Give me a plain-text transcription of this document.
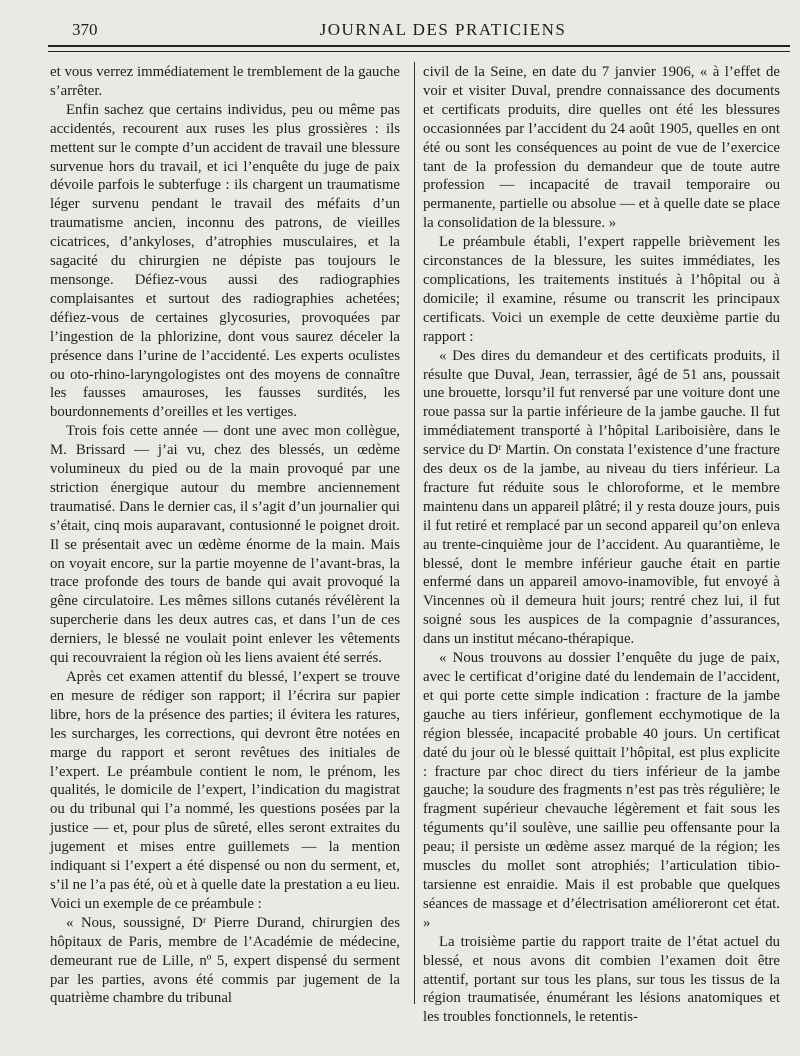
370	JOURNAL DES PRATICIENS

et vous verrez immédiatement le tremblement de la gauche s’arrêter.

Enfin sachez que certains individus, peu ou même pas accidentés, recourent aux ruses les plus grossières : ils mettent sur le compte d’un accident de travail une blessure survenue hors du travail, et ici l’enquête du juge de paix dévoile parfois le subterfuge : ils chargent un traumatisme léger survenu pendant le travail des méfaits d’un traumatisme ancien, inconnu des patrons, de vieilles cicatrices, d’ankyloses, d’atrophies musculaires, et la sagacité du chirurgien ne dépiste pas toujours le mensonge. Défiez-vous aussi des radiographies complaisantes et surtout des radiographies achetées; défiez-vous de certaines glycosuries, provoquées par l’ingestion de la phlorizine, dont vous saurez déceler la présence dans l’urine de l’accidenté. Les experts oculistes ou oto-rhino-laryngologistes ont des moyens de connaître les fausses amauroses, les fausses surdités, les bourdonnements d’oreilles et les vertiges.

Trois fois cette année — dont une avec mon collègue, M. Brissard — j’ai vu, chez des blessés, un œdème volumineux du pied ou de la main provoqué par une striction énergique autour du membre anciennement traumatisé. Dans le dernier cas, il s’agit d’un journalier qui s’était, cinq mois auparavant, contusionné le poignet droit. Il se présentait avec un œdème énorme de la main. Mais on voyait encore, sur la partie moyenne de l’avant-bras, la trace profonde des tours de bande qui avait provoqué la gêne circulatoire. Les mêmes sillons cutanés révélèrent la supercherie dans les deux autres cas, et dans l’un de ces derniers, le blessé ne voulait point enlever les vêtements qui recouvraient la région où les liens avaient été serrés.

Après cet examen attentif du blessé, l’expert se trouve en mesure de rédiger son rapport; il l’écrira sur papier libre, hors de la présence des parties; il évitera les ratures, les surcharges, les corrections, qui devront être notées en marge du rapport et seront revêtues des initiales de l’expert. Le préambule contient le nom, le prénom, les qualités, le domicile de l’expert, l’indication du magistrat ou du tribunal qui l’a nommé, les questions posées par la justice — et, pour plus de sûreté, elles seront extraites du jugement et mises entre guillemets — la mention indiquant si l’expert a été dispensé ou non du serment, et, s’il ne l’a pas été, où et à quelle date la prestation a eu lieu. Voici un exemple de ce préambule :

« Nous, soussigné, Dʳ Pierre Durand, chirurgien des hôpitaux de Paris, membre de l’Académie de médecine, demeurant rue de Lille, nº 5, expert dispensé du serment par les parties, avons été commis par jugement de la quatrième chambre du tribunal

civil de la Seine, en date du 7 janvier 1906, « à l’effet de voir et visiter Duval, prendre connaissance des documents et certificats produits, dire quelles ont été les blessures occasionnées par l’accident du 24 août 1905, quelles en ont été ou sont les conséquences au point de vue de l’exercice tant de la profession du demandeur que de toute autre profession — incapacité de travail temporaire ou permanente, partielle ou absolue — et à quelle date se place la consolidation de la blessure. »

Le préambule établi, l’expert rappelle brièvement les circonstances de la blessure, les suites immédiates, les complications, les traitements institués à l’hôpital ou à domicile; il examine, résume ou transcrit les principaux certificats. Voici un exemple de cette deuxième partie du rapport :

« Des dires du demandeur et des certificats produits, il résulte que Duval, Jean, terrassier, âgé de 51 ans, poussait une brouette, lorsqu’il fut renversé par une voiture dont une roue passa sur la partie inférieure de la jambe gauche. Il fut immédiatement transporté à l’hôpital Lariboisière, dans le service du Dʳ Martin. On constata l’existence d’une fracture des deux os de la jambe, au niveau du tiers inférieur. La fracture fut réduite sous le chloroforme, et le membre maintenu dans un appareil plâtré; il y resta douze jours, puis il fut retiré et remplacé par un second appareil qu’on enleva au trente-cinquième jour de l’accident. Au quarantième, le blessé, dont le membre inférieur gauche était en partie enfermé dans un appareil amovo-inamovible, fut envoyé à Vincennes où il demeura huit jours; rentré chez lui, il fut soigné sous les auspices de la compagnie d’assurances, dans un institut mécano-thérapique.

« Nous trouvons au dossier l’enquête du juge de paix, avec le certificat d’origine daté du lendemain de l’accident, et qui porte cette simple indication : fracture de la jambe gauche au tiers inférieur, gonflement ecchymotique de la région blessée, incapacité probable 40 jours. Un certificat daté du jour où le blessé quittait l’hôpital, est plus explicite : fracture par choc direct du tiers inférieur de la jambe gauche; la soudure des fragments n’est pas très régulière; le fragment supérieur chevauche légèrement et fait sous les téguments qu’il soulève, une saillie peu offensante pour la peau; il persiste un œdème assez marqué de la région; les muscles du mollet sont atrophiés; l’articulation tibio-tarsienne est enraidie. Mais il est probable que quelques séances de massage et d’électrisation amélioreront cet état. »

La troisième partie du rapport traite de l’état actuel du blessé, et nous avons dit combien l’examen doit être attentif, portant sur tous les plans, sur tous les tissus de la région traumatisée, énumérant les lésions anatomiques et les troubles fonctionnels, le retentis-
